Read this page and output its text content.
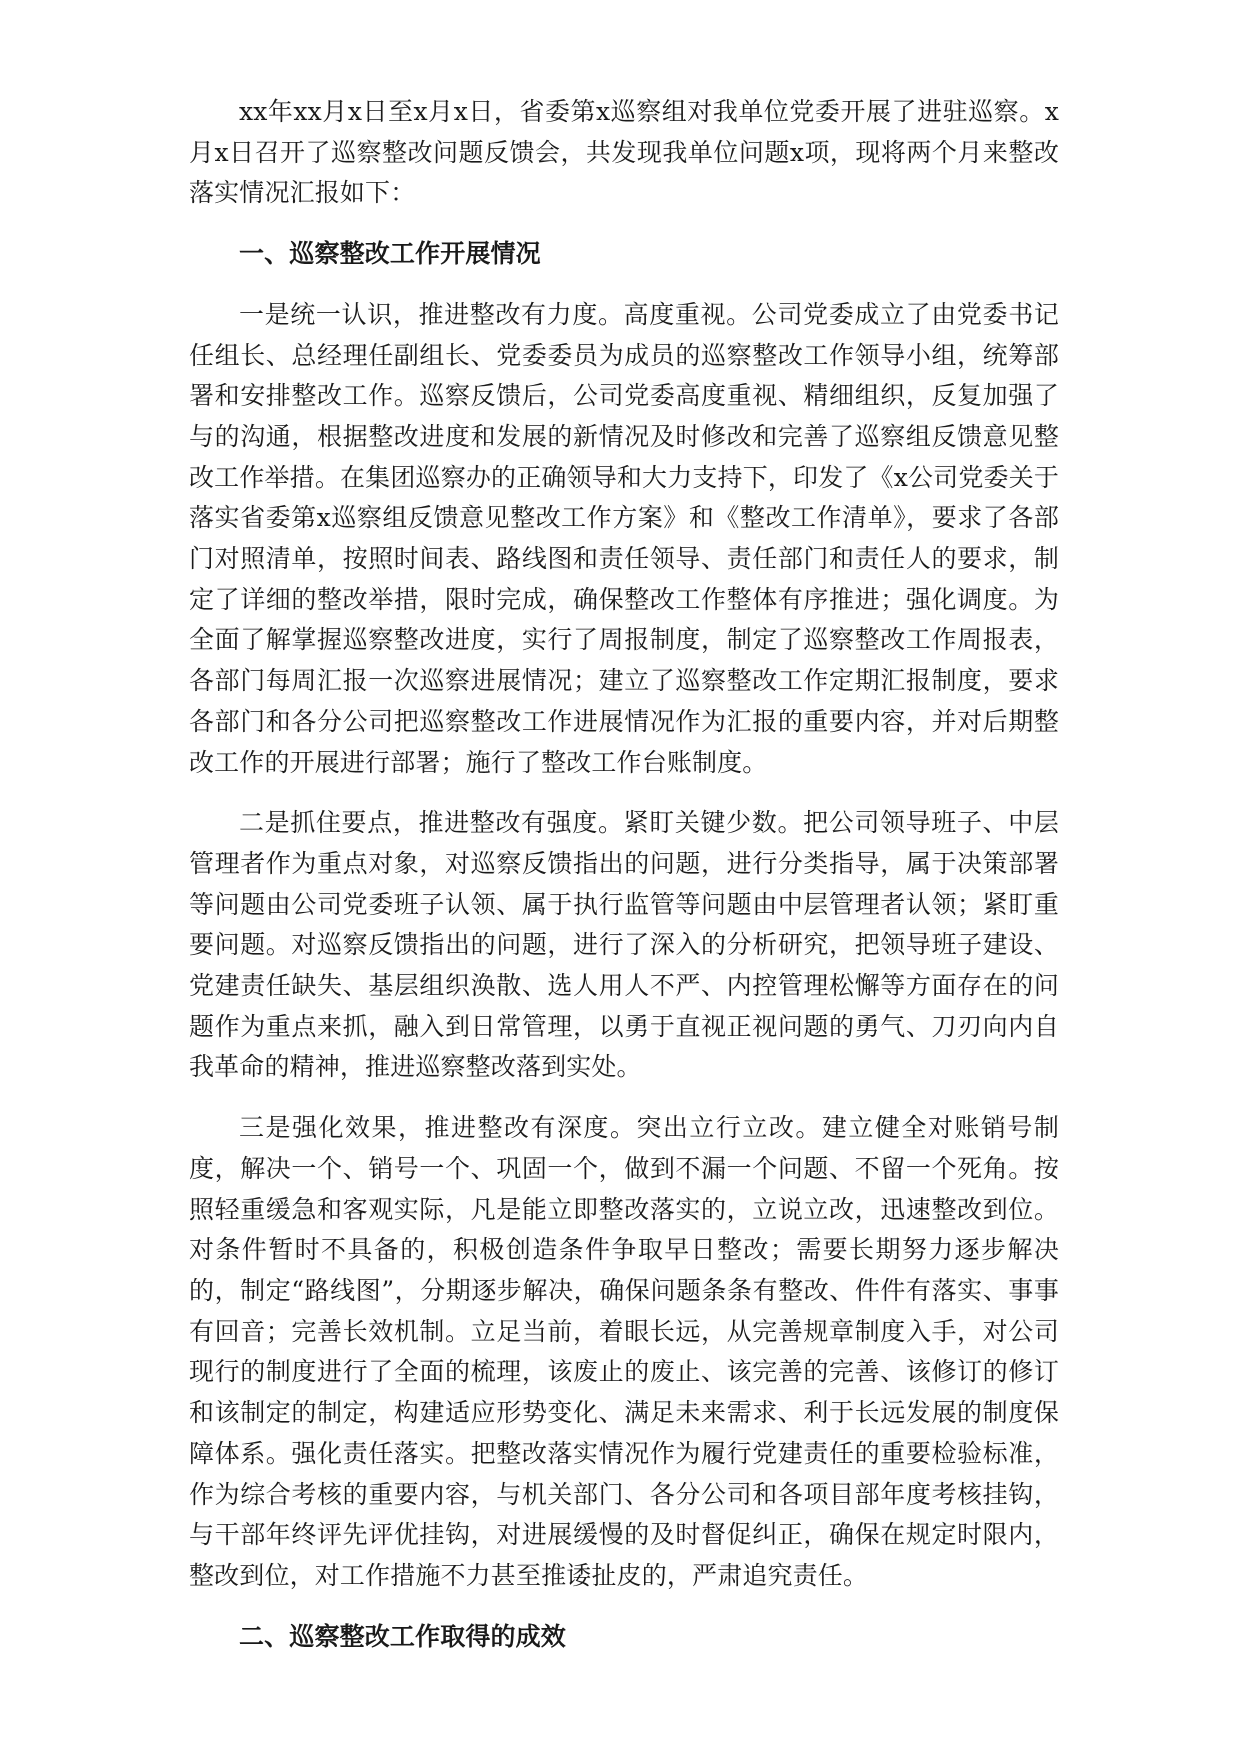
xx年xx月x日至x月x日，省委第x巡察组对我单位党委开展了进驻巡察。x月x日召开了巡察整改问题反馈会，共发现我单位问题x项，现将两个月来整改落实情况汇报如下：

一、巡察整改工作开展情况

一是统一认识，推进整改有力度。高度重视。公司党委成立了由党委书记任组长、总经理任副组长、党委委员为成员的巡察整改工作领导小组，统筹部署和安排整改工作。巡察反馈后，公司党委高度重视、精细组织，反复加强了与的沟通，根据整改进度和发展的新情况及时修改和完善了巡察组反馈意见整改工作举措。在集团巡察办的正确领导和大力支持下，印发了《x公司党委关于落实省委第x巡察组反馈意见整改工作方案》和《整改工作清单》，要求了各部门对照清单，按照时间表、路线图和责任领导、责任部门和责任人的要求，制定了详细的整改举措，限时完成，确保整改工作整体有序推进；强化调度。为全面了解掌握巡察整改进度，实行了周报制度，制定了巡察整改工作周报表，各部门每周汇报一次巡察进展情况；建立了巡察整改工作定期汇报制度，要求各部门和各分公司把巡察整改工作进展情况作为汇报的重要内容，并对后期整改工作的开展进行部署；施行了整改工作台账制度。

二是抓住要点，推进整改有强度。紧盯关键少数。把公司领导班子、中层管理者作为重点对象，对巡察反馈指出的问题，进行分类指导，属于决策部署等问题由公司党委班子认领、属于执行监管等问题由中层管理者认领；紧盯重要问题。对巡察反馈指出的问题，进行了深入的分析研究，把领导班子建设、党建责任缺失、基层组织涣散、选人用人不严、内控管理松懈等方面存在的问题作为重点来抓，融入到日常管理，以勇于直视正视问题的勇气、刀刃向内自我革命的精神，推进巡察整改落到实处。

三是强化效果，推进整改有深度。突出立行立改。建立健全对账销号制度，解决一个、销号一个、巩固一个，做到不漏一个问题、不留一个死角。按照轻重缓急和客观实际，凡是能立即整改落实的，立说立改，迅速整改到位。对条件暂时不具备的，积极创造条件争取早日整改；需要长期努力逐步解决的，制定“路线图”，分期逐步解决，确保问题条条有整改、件件有落实、事事有回音；完善长效机制。立足当前，着眼长远，从完善规章制度入手，对公司现行的制度进行了全面的梳理，该废止的废止、该完善的完善、该修订的修订和该制定的制定，构建适应形势变化、满足未来需求、利于长远发展的制度保障体系。强化责任落实。把整改落实情况作为履行党建责任的重要检验标准，作为综合考核的重要内容，与机关部门、各分公司和各项目部年度考核挂钩，与干部年终评先评优挂钩，对进展缓慢的及时督促纠正，确保在规定时限内，整改到位，对工作措施不力甚至推诿扯皮的，严肃追究责任。

二、巡察整改工作取得的成效
